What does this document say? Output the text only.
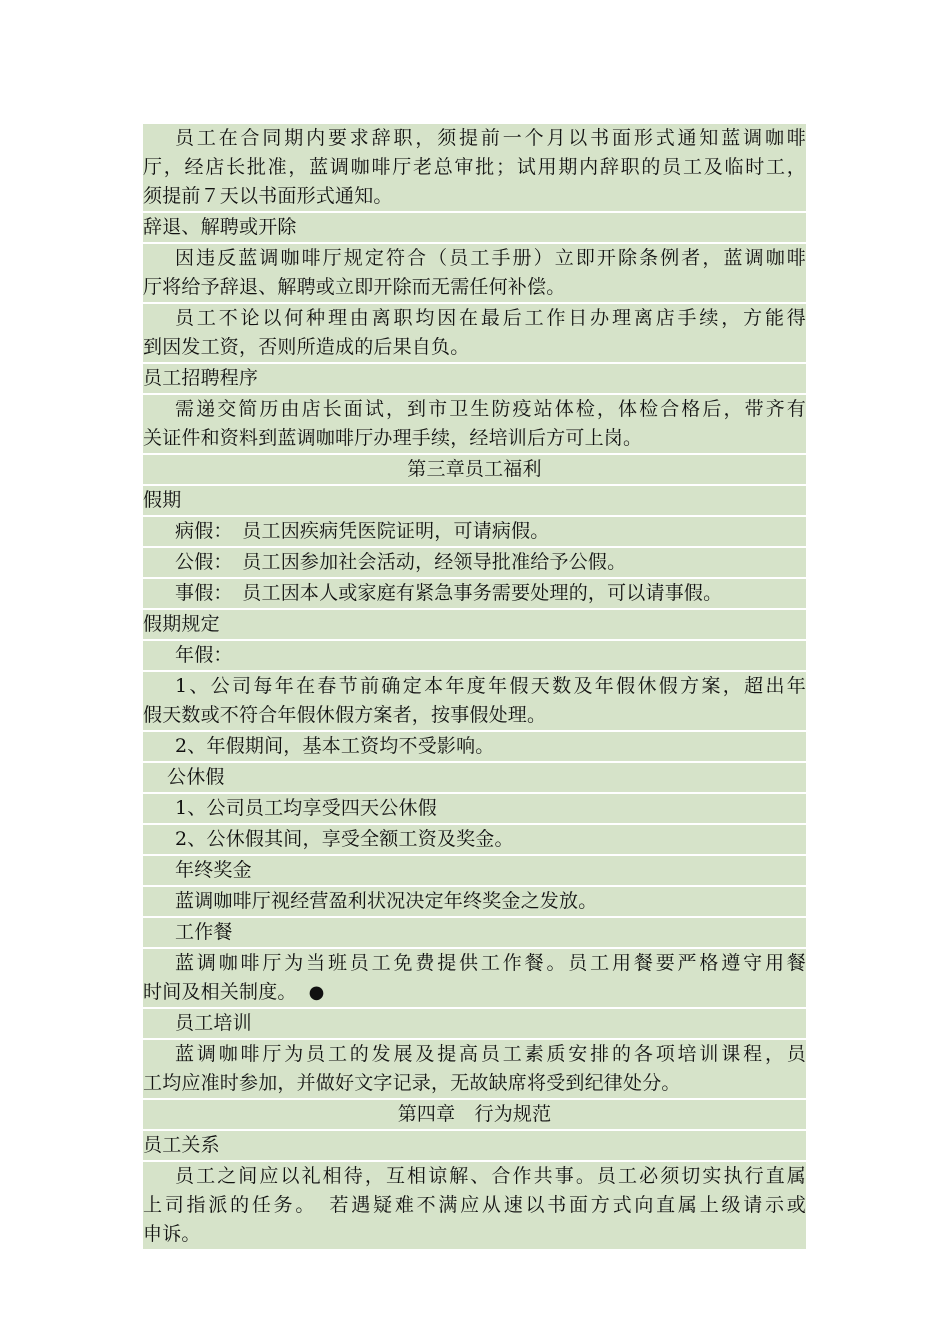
员工在合同期内要求辞职，须提前一个月以书面形式通知蓝调咖啡
厅，经店长批准，蓝调咖啡厅老总审批；试用期内辞职的员工及临时工，
须提前７天以书面形式通知。
辞退、解聘或开除
因违反蓝调咖啡厅规定符合（员工手册）立即开除条例者，蓝调咖啡
厅将给予辞退、解聘或立即开除而无需任何补偿。
员工不论以何种理由离职均因在最后工作日办理离店手续，方能得
到因发工资，否则所造成的后果自负。
员工招聘程序
需递交简历由店长面试，到市卫生防疫站体检，体检合格后，带齐有
关证件和资料到蓝调咖啡厅办理手续，经培训后方可上岗。
第三章员工福利
假期
病假：　员工因疾病凭医院证明，可请病假。
公假：　员工因参加社会活动，经领导批准给予公假。
事假：　员工因本人或家庭有紧急事务需要处理的，可以请事假。
假期规定
年假：
1、公司每年在春节前确定本年度年假天数及年假休假方案，超出年
假天数或不符合年假休假方案者，按事假处理。
2、年假期间，基本工资均不受影响。
公休假
1、公司员工均享受四天公休假
2、公休假其间，享受全额工资及奖金。
年终奖金
蓝调咖啡厅视经营盈利状况决定年终奖金之发放。
工作餐
蓝调咖啡厅为当班员工免费提供工作餐。员工用餐要严格遵守用餐
时间及相关制度。 ●
员工培训
蓝调咖啡厅为员工的发展及提高员工素质安排的各项培训课程，员
工均应准时参加，并做好文字记录，无故缺席将受到纪律处分。
第四章　行为规范
员工关系
员工之间应以礼相待，互相谅解、合作共事。员工必须切实执行直属
上司指派的任务。　若遇疑难不满应从速以书面方式向直属上级请示或
申诉。
